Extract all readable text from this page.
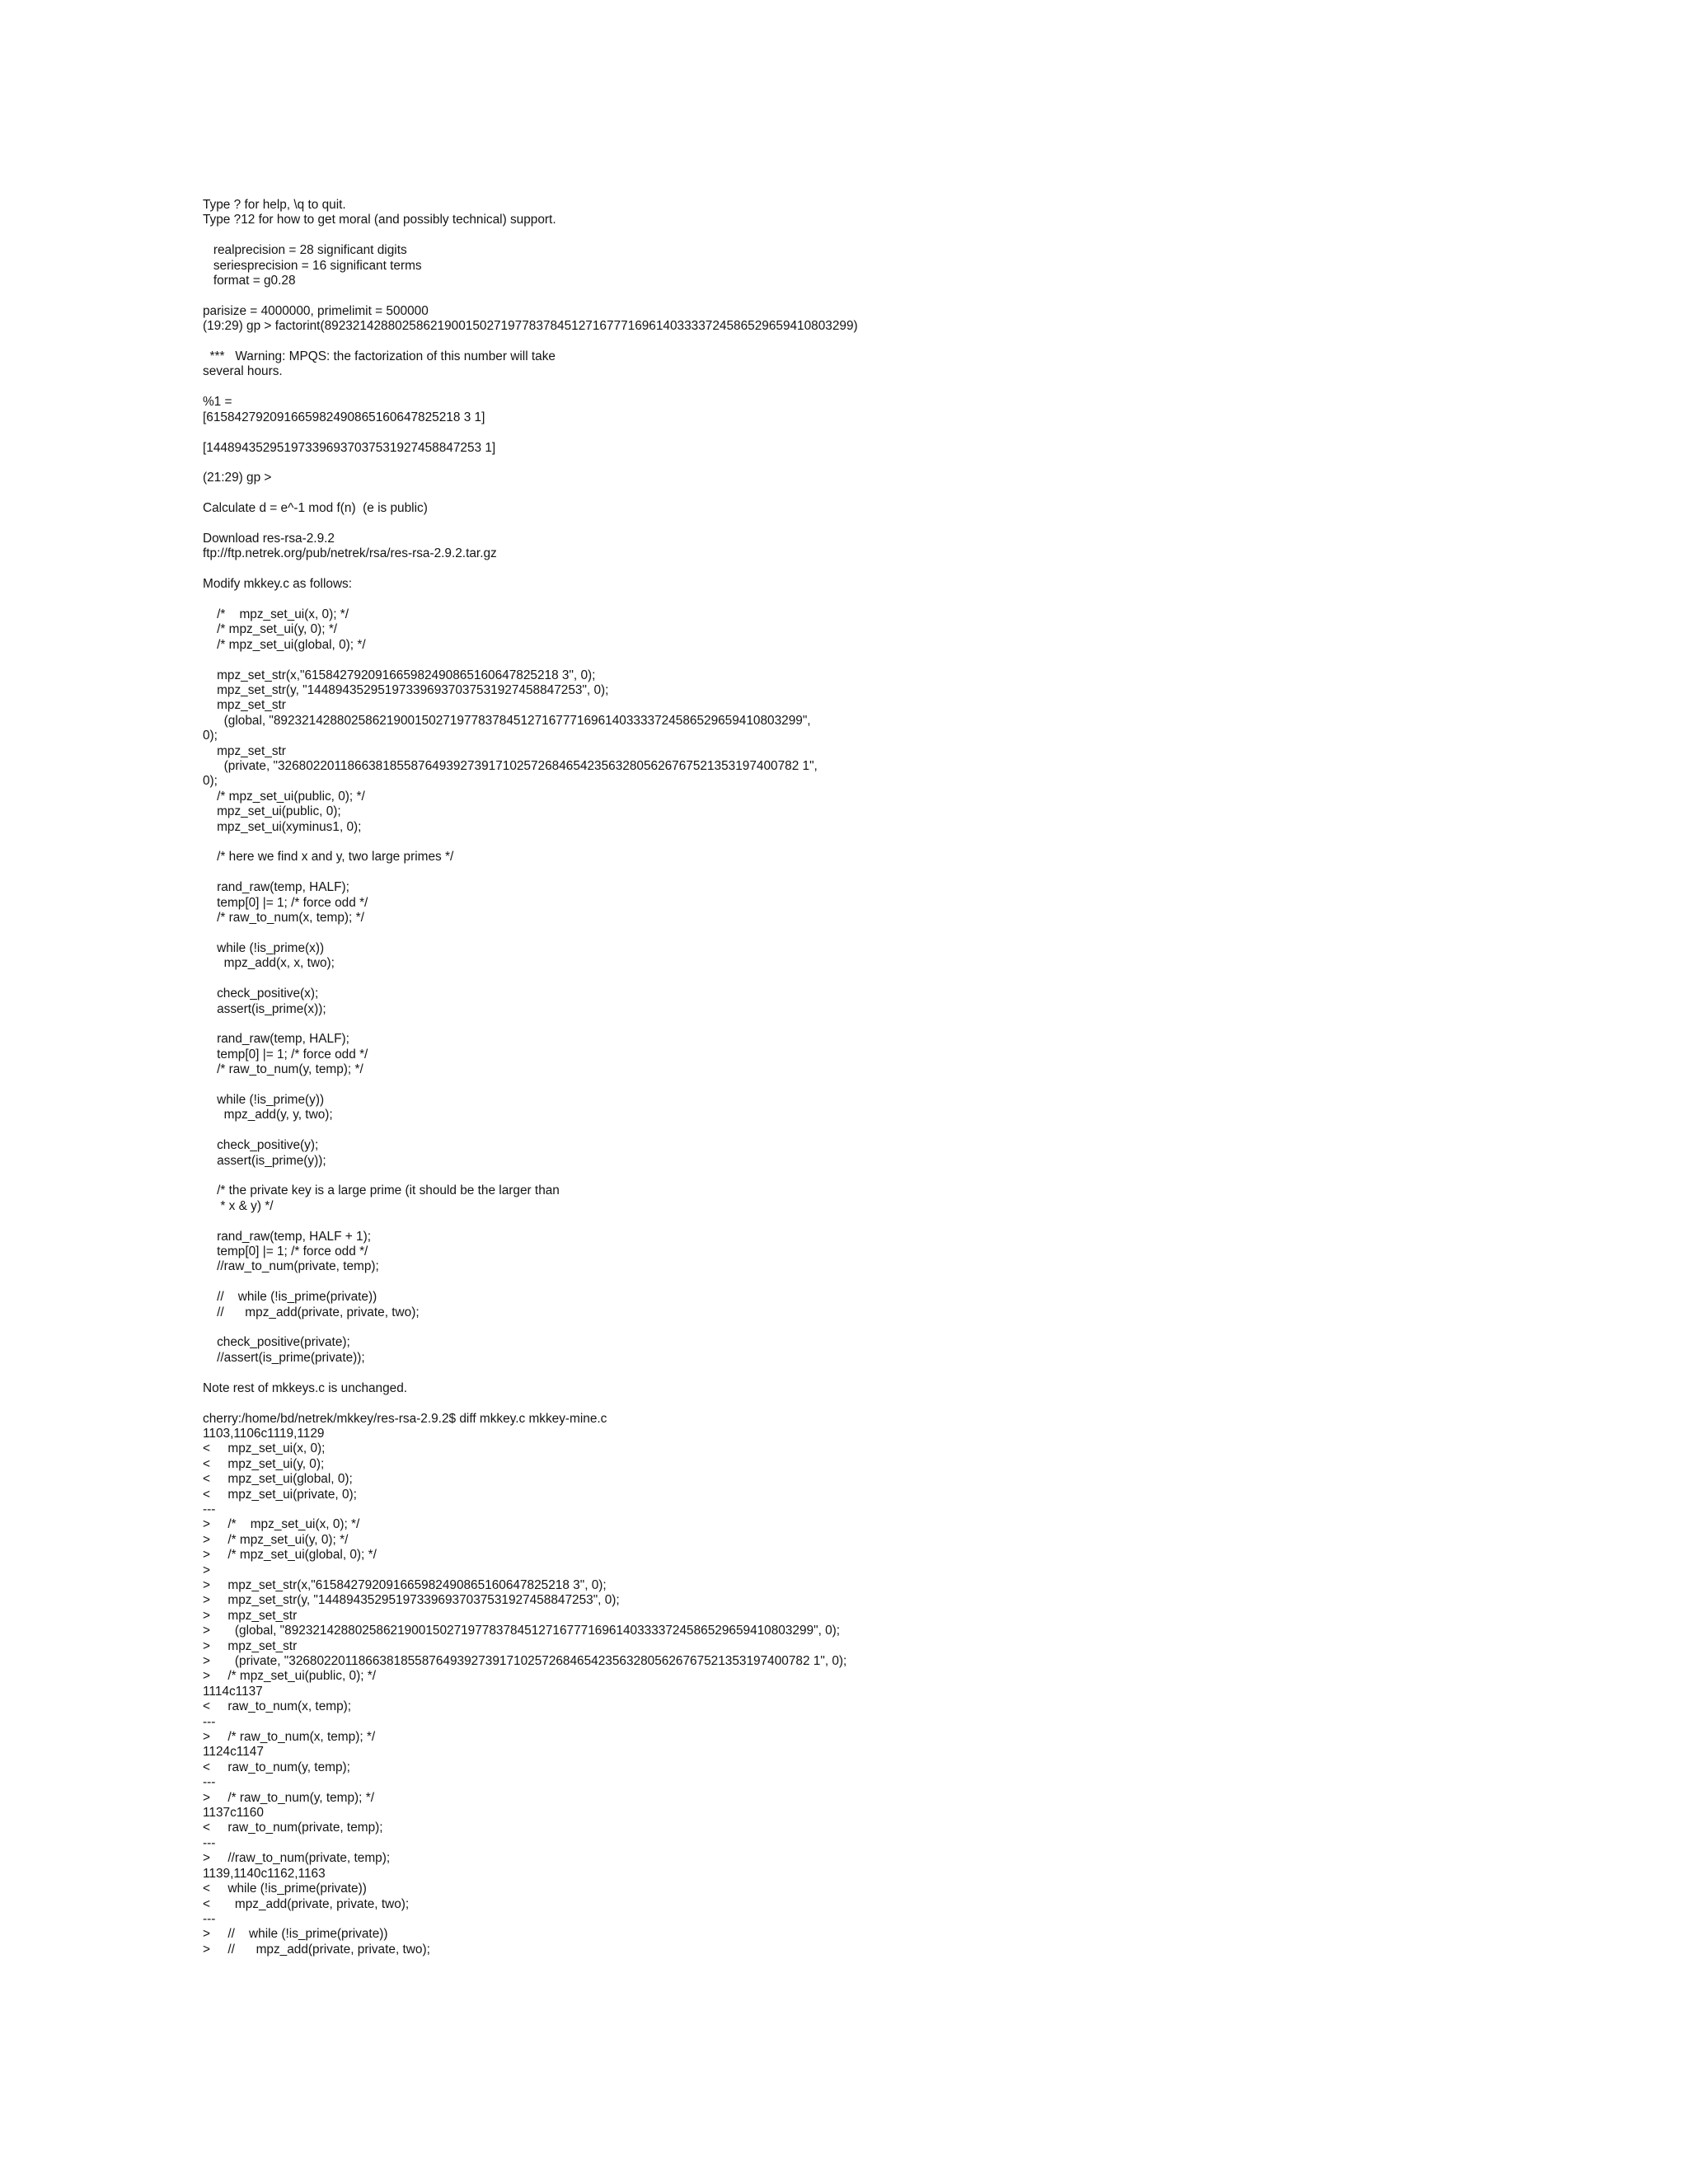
Type ? for help, \q to quit.
Type ?12 for how to get moral (and possibly technical) support.
realprecision = 28 significant digits
seriesprecision = 16 significant terms
format = g0.28
parisize = 4000000, primelimit = 500000
(19:29) gp > factorint(892321428802586219001502719778378451271677716961403333724586529659410803299)
***   Warning: MPQS: the factorization of this number will take
several hours.
%1 =
[615842792091665982490865160647825218 3 1]
[144894352951973396937037531927458847253 1]
(21:29) gp >
Calculate d = e^-1 mod f(n)  (e is public)
Download res-rsa-2.9.2
ftp://ftp.netrek.org/pub/netrek/rsa/res-rsa-2.9.2.tar.gz
Modify mkkey.c as follows:
/*    mpz_set_ui(x, 0); */
/* mpz_set_ui(y, 0); */
/* mpz_set_ui(global, 0); */
mpz_set_str(x,"615842792091665982490865160647825218 3", 0);
mpz_set_str(y, "144894352951973396937037531927458847253", 0);
mpz_set_str
(global, "892321428802586219001502719778378451271677716961403333724586529659410803299",
0);
mpz_set_str
(private, "32680220118663818558764939273917102572684654235632805626767521353197400782 1",
0);
/* mpz_set_ui(public, 0); */
mpz_set_ui(public, 0);
mpz_set_ui(xyminus1, 0);
/* here we find x and y, two large primes */
rand_raw(temp, HALF);
temp[0] |= 1; /* force odd */
/* raw_to_num(x, temp); */
while (!is_prime(x))
mpz_add(x, x, two);
check_positive(x);
assert(is_prime(x));
rand_raw(temp, HALF);
temp[0] |= 1; /* force odd */
/* raw_to_num(y, temp); */
while (!is_prime(y))
mpz_add(y, y, two);
check_positive(y);
assert(is_prime(y));
/* the private key is a large prime (it should be the larger than
* x & y) */
rand_raw(temp, HALF + 1);
temp[0] |= 1; /* force odd */
//raw_to_num(private, temp);
//    while (!is_prime(private))
//      mpz_add(private, private, two);
check_positive(private);
//assert(is_prime(private));
Note rest of mkkeys.c is unchanged.
cherry:/home/bd/netrek/mkkey/res-rsa-2.9.2$ diff mkkey.c mkkey-mine.c
1103,1106c1119,1129
<     mpz_set_ui(x, 0);
<     mpz_set_ui(y, 0);
<     mpz_set_ui(global, 0);
<     mpz_set_ui(private, 0);
---
>     /*    mpz_set_ui(x, 0); */
>     /* mpz_set_ui(y, 0); */
>     /* mpz_set_ui(global, 0); */
>
>     mpz_set_str(x,"615842792091665982490865160647825218 3", 0);
>     mpz_set_str(y, "144894352951973396937037531927458847253", 0);
>     mpz_set_str
>       (global, "892321428802586219001502719778378451271677716961403333724586529659410803299", 0);
>     mpz_set_str
>       (private, "32680220118663818558764939273917102572684654235632805626767521353197400782 1", 0);
>     /* mpz_set_ui(public, 0); */
1114c1137
<     raw_to_num(x, temp);
---
>     /* raw_to_num(x, temp); */
1124c1147
<     raw_to_num(y, temp);
---
>     /* raw_to_num(y, temp); */
1137c1160
<     raw_to_num(private, temp);
---
>     //raw_to_num(private, temp);
1139,1140c1162,1163
<     while (!is_prime(private))
<       mpz_add(private, private, two);
---
>     //    while (!is_prime(private))
>     //      mpz_add(private, private, two);
